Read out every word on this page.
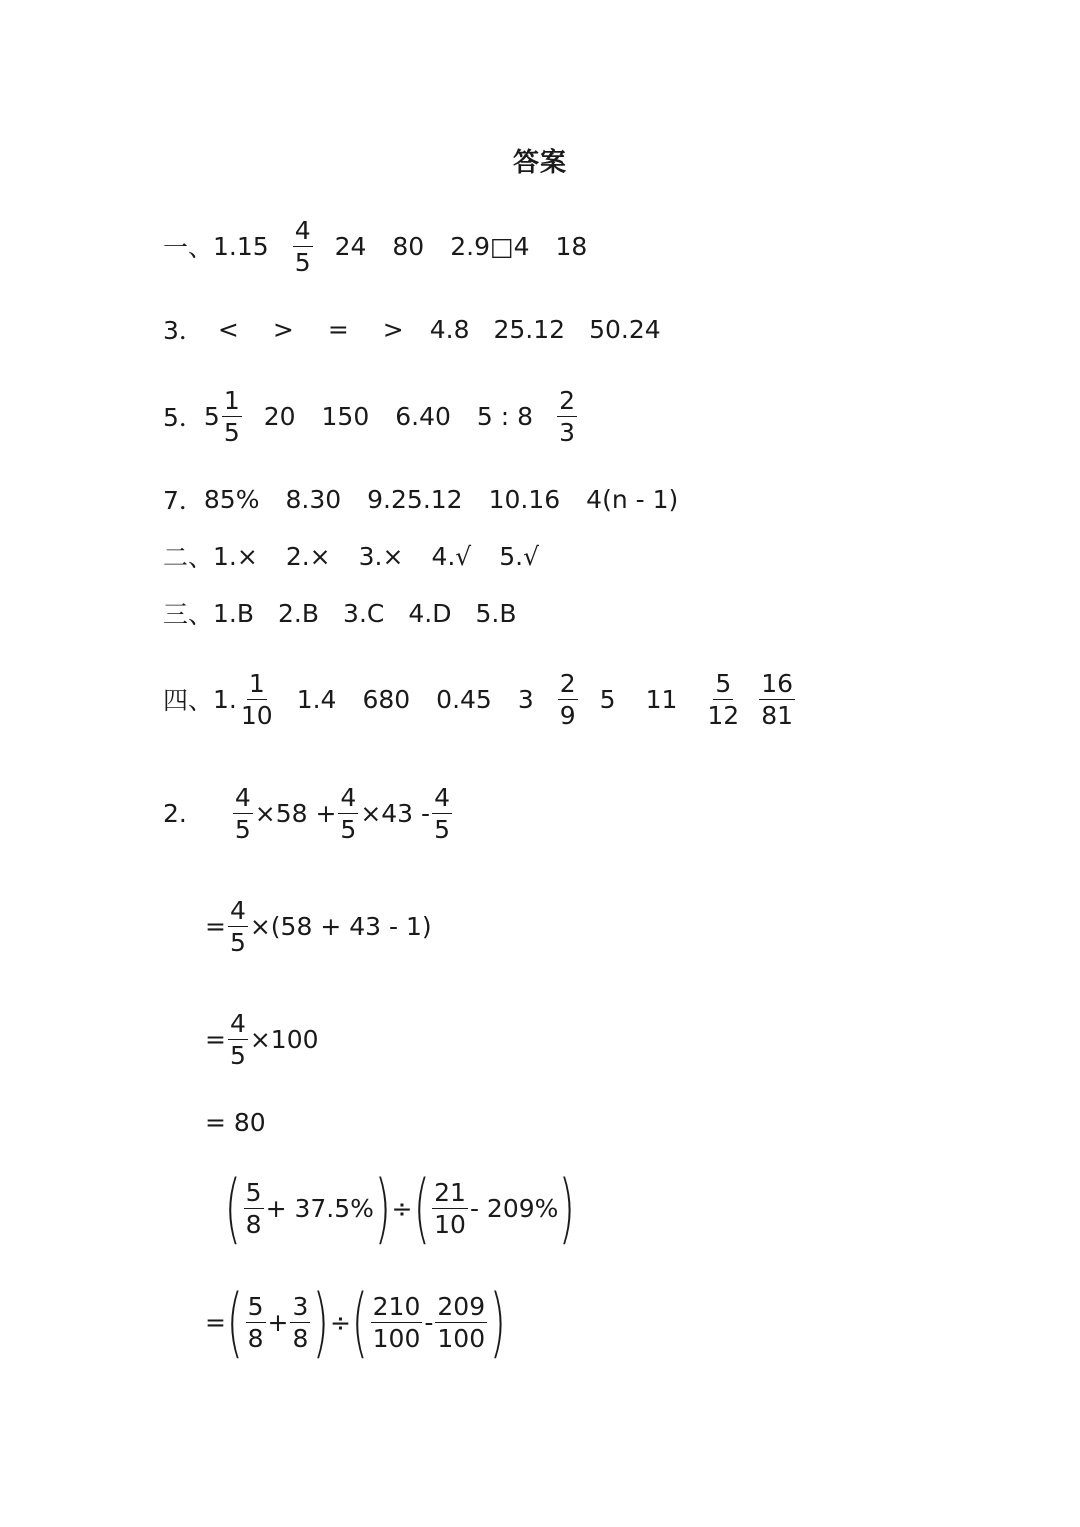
答案
一、 $1.15 \frac{4}{5} 24$ 80 2.9□4 18
3． < > = > 4.8 25.12 50.24
5． $5 \frac{1}{5} 20$ 150 6.40 5 : $8 \frac{2}{3}$
7． 85% 8.30 9.25.12 10.16 4(n - 1)
二、 1.× 2.× 3.× 4.√ 5.√
三、 1.B 2.B 3.C 4.D 5.B
四、 1. $\frac{1}{10} 1.4$ 680 0.45 $3 \frac{2}{9} 5$ $11 \frac{5}{12} \frac{16}{81}$
2. $\frac{4}{5} \times 58 + \frac{4}{5} \times 43 - \frac{4}{5}$
= $\frac{4}{5} \times(58 + 43 - 1)$
= $\frac{4}{5} \times 100$
= 80
( $\frac{5}{8} + 37.5\%$ ) ÷ ( $\frac{21}{10} - 209\%$ )
= ( $\frac{5}{8} + \frac{3}{8}$ ) ÷ ( $\frac{210}{100} - \frac{209}{100}$ )
